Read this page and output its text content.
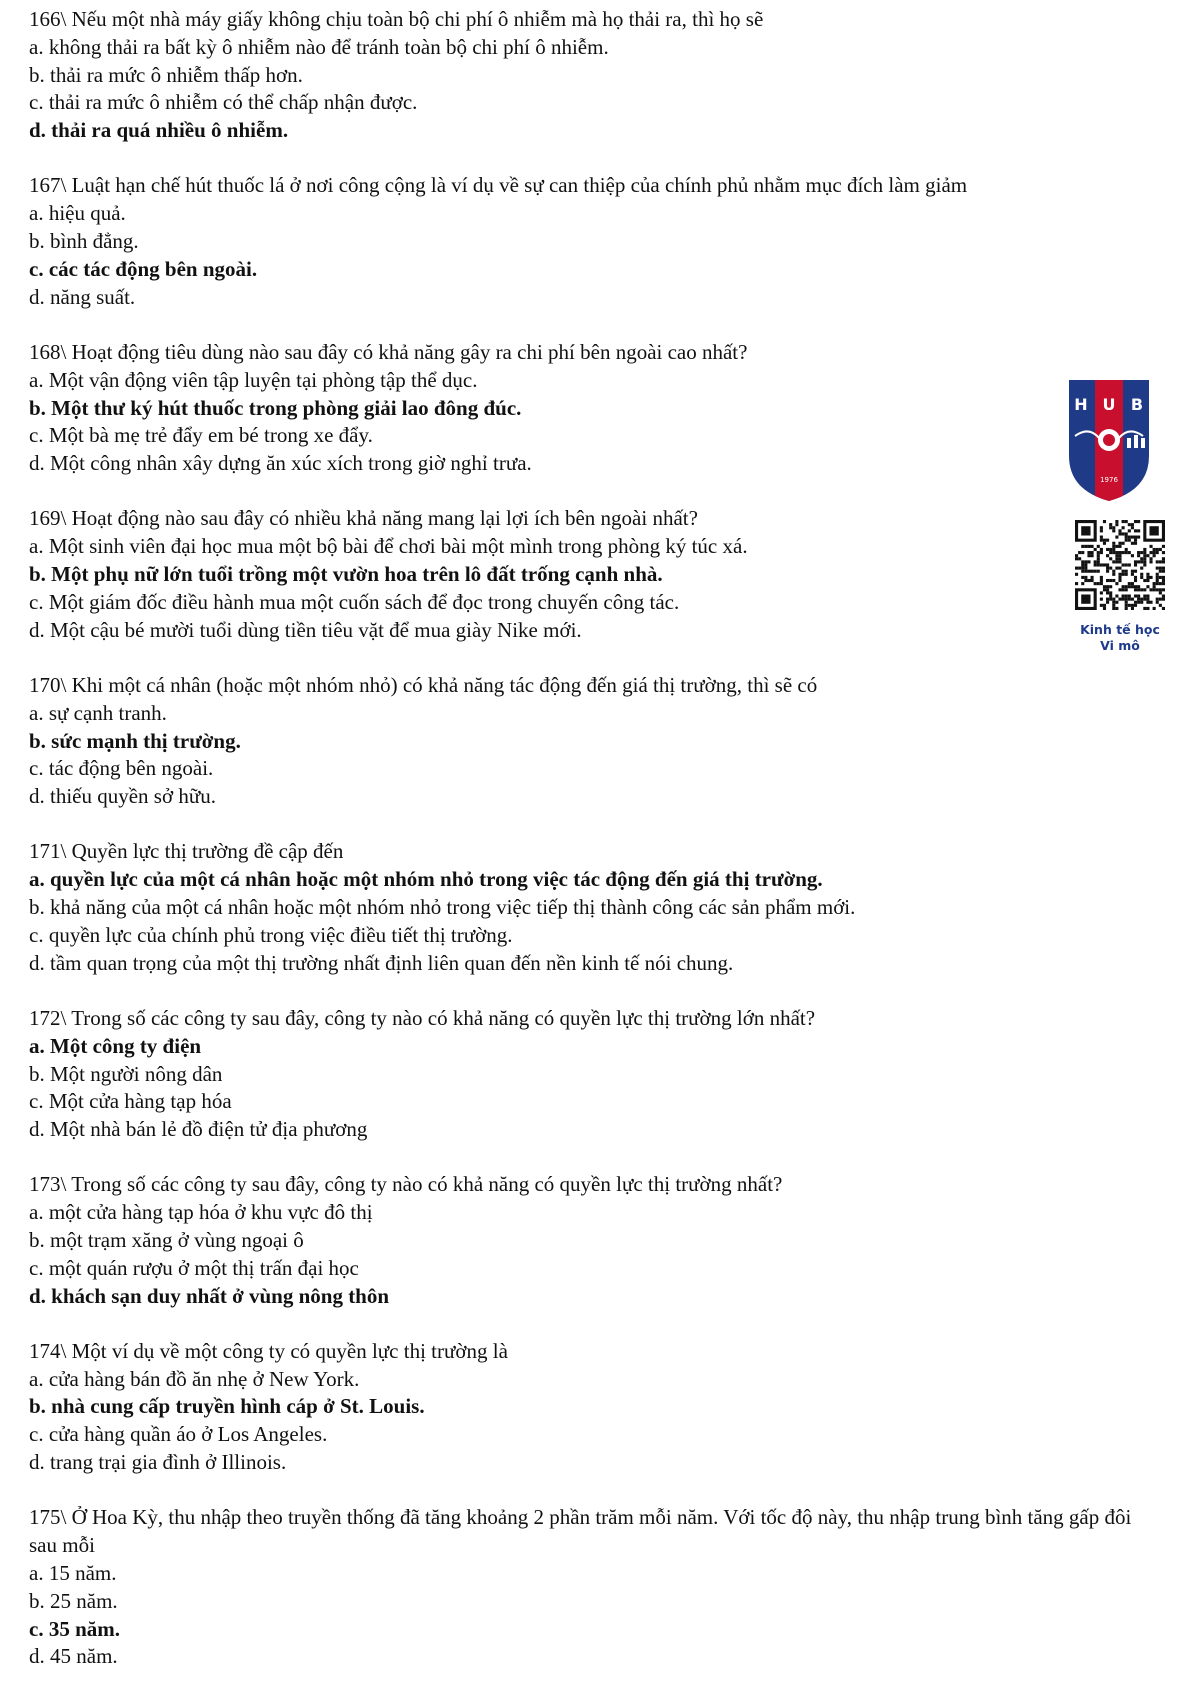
166\ Nếu một nhà máy giấy không chịu toàn bộ chi phí ô nhiễm mà họ thải ra, thì họ sẽ
a. không thải ra bất kỳ ô nhiễm nào để tránh toàn bộ chi phí ô nhiễm.
b. thải ra mức ô nhiễm thấp hơn.
c. thải ra mức ô nhiễm có thể chấp nhận được.
d. thải ra quá nhiều ô nhiễm.
167\ Luật hạn chế hút thuốc lá ở nơi công cộng là ví dụ về sự can thiệp của chính phủ nhằm mục đích làm giảm
a. hiệu quả.
b. bình đẳng.
c. các tác động bên ngoài.
d. năng suất.
168\ Hoạt động tiêu dùng nào sau đây có khả năng gây ra chi phí bên ngoài cao nhất?
a. Một vận động viên tập luyện tại phòng tập thể dục.
b. Một thư ký hút thuốc trong phòng giải lao đông đúc.
c. Một bà mẹ trẻ đẩy em bé trong xe đẩy.
d. Một công nhân xây dựng ăn xúc xích trong giờ nghỉ trưa.
169\ Hoạt động nào sau đây có nhiều khả năng mang lại lợi ích bên ngoài nhất?
a. Một sinh viên đại học mua một bộ bài để chơi bài một mình trong phòng ký túc xá.
b. Một phụ nữ lớn tuổi trồng một vườn hoa trên lô đất trống cạnh nhà.
c. Một giám đốc điều hành mua một cuốn sách để đọc trong chuyến công tác.
d. Một cậu bé mười tuổi dùng tiền tiêu vặt để mua giày Nike mới.
170\ Khi một cá nhân (hoặc một nhóm nhỏ) có khả năng tác động đến giá thị trường, thì sẽ có
a. sự cạnh tranh.
b. sức mạnh thị trường.
c. tác động bên ngoài.
d. thiếu quyền sở hữu.
171\ Quyền lực thị trường đề cập đến
a. quyền lực của một cá nhân hoặc một nhóm nhỏ trong việc tác động đến giá thị trường.
b. khả năng của một cá nhân hoặc một nhóm nhỏ trong việc tiếp thị thành công các sản phẩm mới.
c. quyền lực của chính phủ trong việc điều tiết thị trường.
d. tầm quan trọng của một thị trường nhất định liên quan đến nền kinh tế nói chung.
172\ Trong số các công ty sau đây, công ty nào có khả năng có quyền lực thị trường lớn nhất?
a. Một công ty điện
b. Một người nông dân
c. Một cửa hàng tạp hóa
d. Một nhà bán lẻ đồ điện tử địa phương
173\ Trong số các công ty sau đây, công ty nào có khả năng có quyền lực thị trường nhất?
a. một cửa hàng tạp hóa ở khu vực đô thị
b. một trạm xăng ở vùng ngoại ô
c. một quán rượu ở một thị trấn đại học
d. khách sạn duy nhất ở vùng nông thôn
174\ Một ví dụ về một công ty có quyền lực thị trường là
a. cửa hàng bán đồ ăn nhẹ ở New York.
b. nhà cung cấp truyền hình cáp ở St. Louis.
c. cửa hàng quần áo ở Los Angeles.
d. trang trại gia đình ở Illinois.
175\ Ở Hoa Kỳ, thu nhập theo truyền thống đã tăng khoảng 2 phần trăm mỗi năm. Với tốc độ này, thu nhập trung bình tăng gấp đôi sau mỗi
a. 15 năm.
b. 25 năm.
c. 35 năm.
d. 45 năm.
H U B
1976
Kinh tế học
Vi mô
